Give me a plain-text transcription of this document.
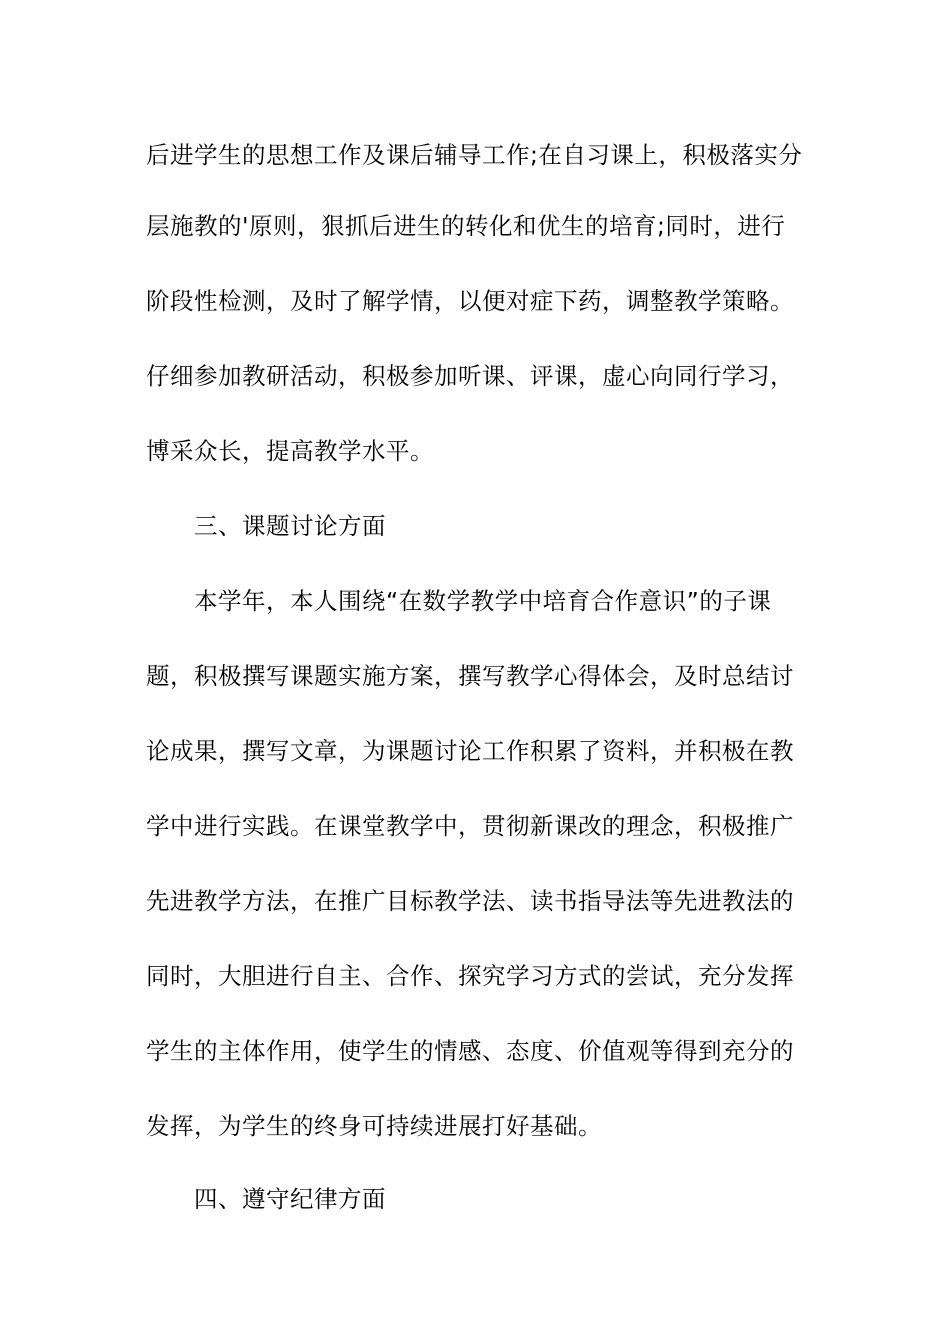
后进学生的思想工作及课后辅导工作;在自习课上，积极落实分
层施教的'原则，狠抓后进生的转化和优生的培育;同时，进行
阶段性检测，及时了解学情，以便对症下药，调整教学策略。
仔细参加教研活动，积极参加听课、评课，虚心向同行学习，
博采众长，提高教学水平。
三、课题讨论方面
本学年，本人围绕“在数学教学中培育合作意识”的子课
题，积极撰写课题实施方案，撰写教学心得体会，及时总结讨
论成果，撰写文章，为课题讨论工作积累了资料，并积极在教
学中进行实践。在课堂教学中，贯彻新课改的理念，积极推广
先进教学方法，在推广目标教学法、读书指导法等先进教法的
同时，大胆进行自主、合作、探究学习方式的尝试，充分发挥
学生的主体作用，使学生的情感、态度、价值观等得到充分的
发挥，为学生的终身可持续进展打好基础。
四、遵守纪律方面
